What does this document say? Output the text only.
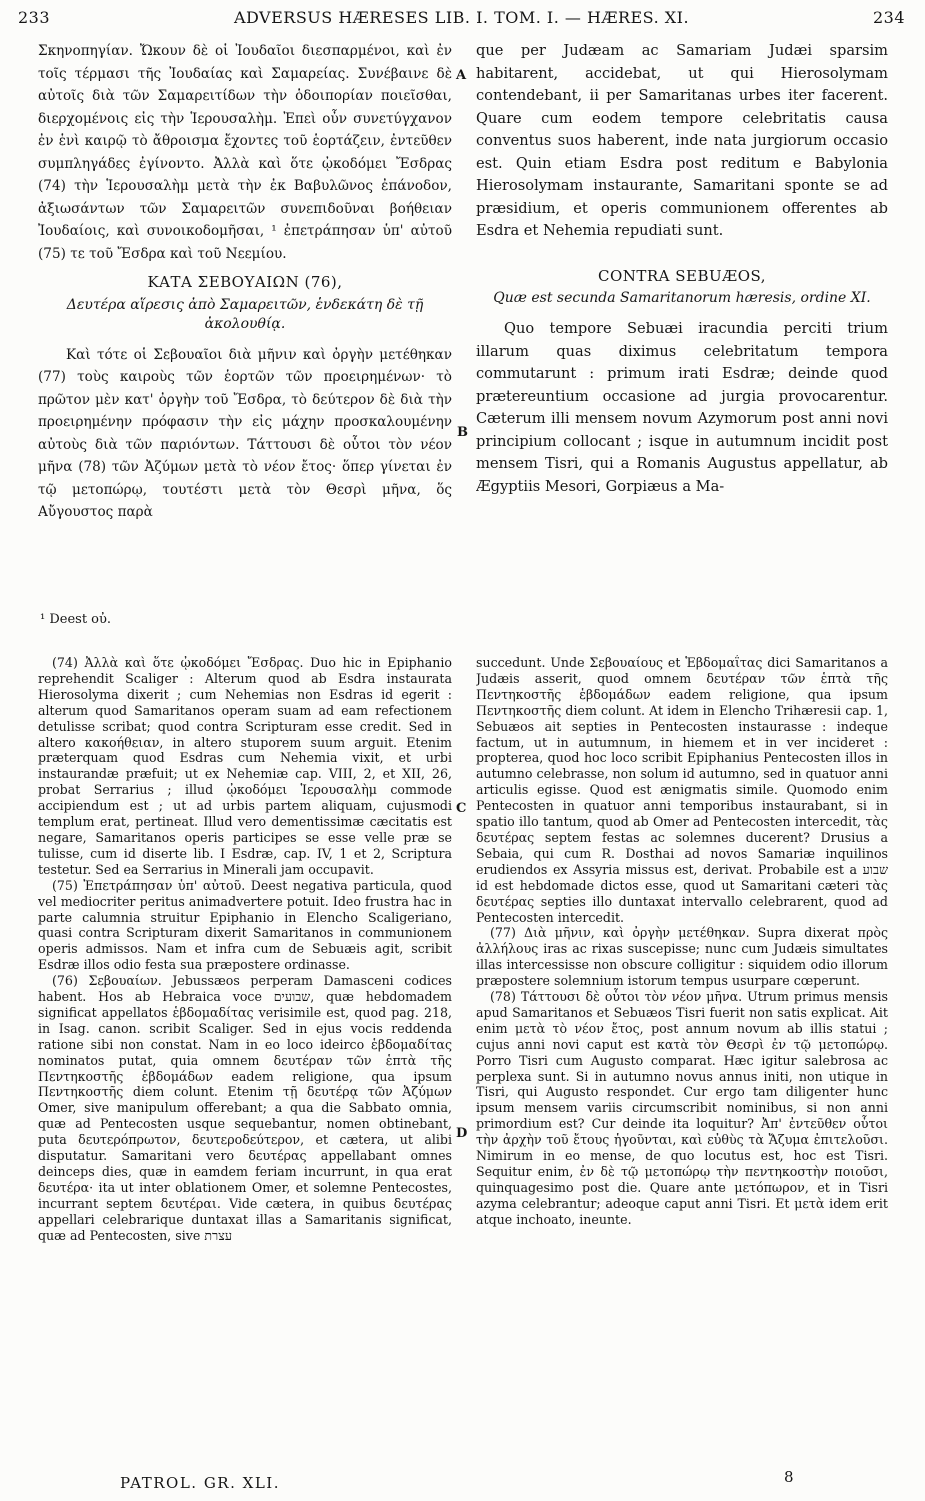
233	ADVERSUS HÆRESES LIB. I. TOM. I. — HÆRES. XI.	234

Σκηνοπηγίαν. Ὤκουν δὲ οἱ Ἰουδαῖοι διεσπαρμένοι, καὶ ἐν τοῖς τέρμασι τῆς Ἰουδαίας καὶ Σαμαρείας. Συνέβαινε δὲ αὐτοῖς διὰ τῶν Σαμαρειτίδων τὴν ὁδοιπορίαν ποιεῖσθαι, διερχομένοις εἰς τὴν Ἱερουσαλὴμ. Ἐπεὶ οὖν συνετύγχανον ἐν ἑνὶ καιρῷ τὸ ἄθροισμα ἔχοντες τοῦ ἑορτάζειν, ἐντεῦθεν συμπληγάδες ἐγίνοντο. Ἀλλὰ καὶ ὅτε ᾠκοδόμει Ἔσδρας (74) τὴν Ἱερουσαλὴμ μετὰ τὴν ἐκ Βαβυλῶνος ἐπάνοδον, ἀξιωσάντων τῶν Σαμαρειτῶν συνεπιδοῦναι βοήθειαν Ἰουδαίοις, καὶ συνοικοδομῆσαι, ¹ ἐπετράπησαν ὑπ' αὐτοῦ (75) τε τοῦ Ἔσδρα καὶ τοῦ Νεεμίου.

ΚΑΤΑ ΣΕΒΟΥΑΙΩΝ (76),
Δευτέρα αἵρεσις ἀπὸ Σαμαρειτῶν, ἑνδεκάτη δὲ τῇ ἀκολουθίᾳ.

Καὶ τότε οἱ Σεβουαῖοι διὰ μῆνιν καὶ ὀργὴν μετέθηκαν (77) τοὺς καιροὺς τῶν ἑορτῶν τῶν προειρημένων· τὸ πρῶτον μὲν κατ' ὀργὴν τοῦ Ἔσδρα, τὸ δεύτερον δὲ διὰ τὴν προειρημένην πρόφασιν τὴν εἰς μάχην προσκαλουμένην αὐτοὺς διὰ τῶν παριόντων. Τάττουσι δὲ οὗτοι τὸν νέον μῆνα (78) τῶν Ἀζύμων μετὰ τὸ νέον ἔτος· ὅπερ γίνεται ἐν τῷ μετοπώρῳ, τουτέστι μετὰ τὸν Θεσρὶ μῆνα, ὅς Αὔγουστος παρὰ

que per Judæam ac Samariam Judæi sparsim habitarent, accidebat, ut qui Hierosolymam contendebant, ii per Samaritanas urbes iter facerent. Quare cum eodem tempore celebritatis causa conventus suos haberent, inde nata jurgiorum occasio est. Quin etiam Esdra post reditum e Babylonia Hierosolymam instaurante, Samaritani sponte se ad præsidium, et operis communionem offerentes ab Esdra et Nehemia repudiati sunt.

CONTRA SEBUÆOS,
Quæ est secunda Samaritanorum hæresis, ordine XI.

Quo tempore Sebuæi iracundia perciti trium illarum quas diximus celebritatum tempora commutarunt : primum irati Esdræ; deinde quod prætereuntium occasione ad jurgia provocarentur. Cæterum illi mensem novum Azymorum post anni novi principium collocant ; isque in autumnum incidit post mensem Tisri, qui a Romanis Augustus appellatur, ab Ægyptiis Mesori, Gorpiæus a Ma-

A
B
C
D
¹ Deest οὐ.

(74) Ἀλλὰ καὶ ὅτε ᾠκοδόμει Ἔσδρας. Duo hic in Epiphanio reprehendit Scaliger : Alterum quod ab Esdra instaurata Hierosolyma dixerit ; cum Nehemias non Esdras id egerit : alterum quod Samaritanos operam suam ad eam refectionem detulisse scribat; quod contra Scripturam esse credit. Sed in altero κακοήθειαν, in altero stuporem suum arguit. Etenim præterquam quod Esdras cum Nehemia vixit, et urbi instaurandæ præfuit; ut ex Nehemiæ cap. VIII, 2, et XII, 26, probat Serrarius ; illud ᾠκοδόμει Ἱερουσαλὴμ commode accipiendum est ; ut ad urbis partem aliquam, cujusmodi templum erat, pertineat. Illud vero dementissimæ cæcitatis est negare, Samaritanos operis participes se esse velle præ se tulisse, cum id diserte lib. I Esdræ, cap. IV, 1 et 2, Scriptura testetur. Sed ea Serrarius in Minerali jam occupavit.

(75) Ἐπετράπησαν ὑπ' αὐτοῦ. Deest negativa particula, quod vel mediocriter peritus animadvertere potuit. Ideo frustra hac in parte calumnia struitur Epiphanio in Elencho Scaligeriano, quasi contra Scripturam dixerit Samaritanos in communionem operis admissos. Nam et infra cum de Sebuæis agit, scribit Esdræ illos odio festa sua præpostere ordinasse.

(76) Σεβουαίων. Jebussæos perperam Damasceni codices habent. Hos ab Hebraica voce שבועים, quæ hebdomadem significat appellatos ἑβδομαδίτας verisimile est, quod pag. 218, in Isag. canon. scribit Scaliger. Sed in ejus vocis reddenda ratione sibi non constat. Nam in eo loco ideirco ἑβδομαδίτας nominatos putat, quia omnem δευτέραν τῶν ἑπτὰ τῆς Πεντηκοστῆς ἑβδομάδων eadem religione, qua ipsum Πεντηκοστῆς diem colunt. Etenim τῇ δευτέρᾳ τῶν Ἀζύμων Omer, sive manipulum offerebant; a qua die Sabbato omnia, quæ ad Pentecosten usque sequebantur, nomen obtinebant, puta δευτερόπρωτον, δευτεροδεύτερον, et cætera, ut alibi disputatur. Samaritani vero δευτέρας appellabant omnes deinceps dies, quæ in eamdem feriam incurrunt, in qua erat δευτέρα· ita ut inter oblationem Omer, et solemne Pentecostes, incurrant septem δευτέραι. Vide cætera, in quibus δευτέρας appellari celebrarique duntaxat illas a Samaritanis significat, quæ ad Pentecosten, sive עצרת

succedunt. Unde Σεβουαίους et Ἑβδομαΐτας dici Samaritanos a Judæis asserit, quod omnem δευτέραν τῶν ἑπτὰ τῆς Πεντηκοστῆς ἑβδομάδων eadem religione, qua ipsum Πεντηκοστῆς diem colunt. At idem in Elencho Trihæresii cap. 1, Sebuæos ait septies in Pentecosten instaurasse : indeque factum, ut in autumnum, in hiemem et in ver incideret : propterea, quod hoc loco scribit Epiphanius Pentecosten illos in autumno celebrasse, non solum id autumno, sed in quatuor anni articulis egisse. Quod est ænigmatis simile. Quomodo enim Pentecosten in quatuor anni temporibus instaurabant, si in spatio illo tantum, quod ab Omer ad Pentecosten intercedit, τὰς δευτέρας septem festas ac solemnes ducerent? Drusius a Sebaia, qui cum R. Dosthai ad novos Samariæ inquilinos erudiendos ex Assyria missus est, derivat. Probabile est a שבוע id est hebdomade dictos esse, quod ut Samaritani cæteri τὰς δευτέρας septies illo duntaxat intervallo celebrarent, quod ad Pentecosten intercedit.

(77) Διὰ μῆνιν, καὶ ὀργὴν μετέθηκαν. Supra dixerat πρὸς ἀλλήλους iras ac rixas suscepisse; nunc cum Judæis simultates illas intercessisse non obscure colligitur : siquidem odio illorum præpostere solemnium istorum tempus usurpare cœperunt.

(78) Τάττουσι δὲ οὗτοι τὸν νέον μῆνα. Utrum primus mensis apud Samaritanos et Sebuæos Tisri fuerit non satis explicat. Ait enim μετὰ τὸ νέον ἔτος, post annum novum ab illis statui ; cujus anni novi caput est κατὰ τὸν Θεσρὶ ἐν τῷ μετοπώρῳ. Porro Tisri cum Augusto comparat. Hæc igitur salebrosa ac perplexa sunt. Si in autumno novus annus initi, non utique in Tisri, qui Augusto respondet. Cur ergo tam diligenter hunc ipsum mensem variis circumscribit nominibus, si non anni primordium est? Cur deinde ita loquitur? Ἀπ' ἐντεῦθεν οὗτοι τὴν ἀρχὴν τοῦ ἔτους ἡγοῦνται, καὶ εὐθὺς τὰ Ἄζυμα ἐπιτελοῦσι. Nimirum in eo mense, de quo locutus est, hoc est Tisri. Sequitur enim, ἐν δὲ τῷ μετοπώρῳ τὴν πεντηκοστὴν ποιοῦσι, quinquagesimo post die. Quare ante μετόπωρον, et in Tisri azyma celebrantur; adeoque caput anni Tisri. Et μετὰ idem erit atque inchoato, ineunte.

PATROL. GR. XLI.	8
